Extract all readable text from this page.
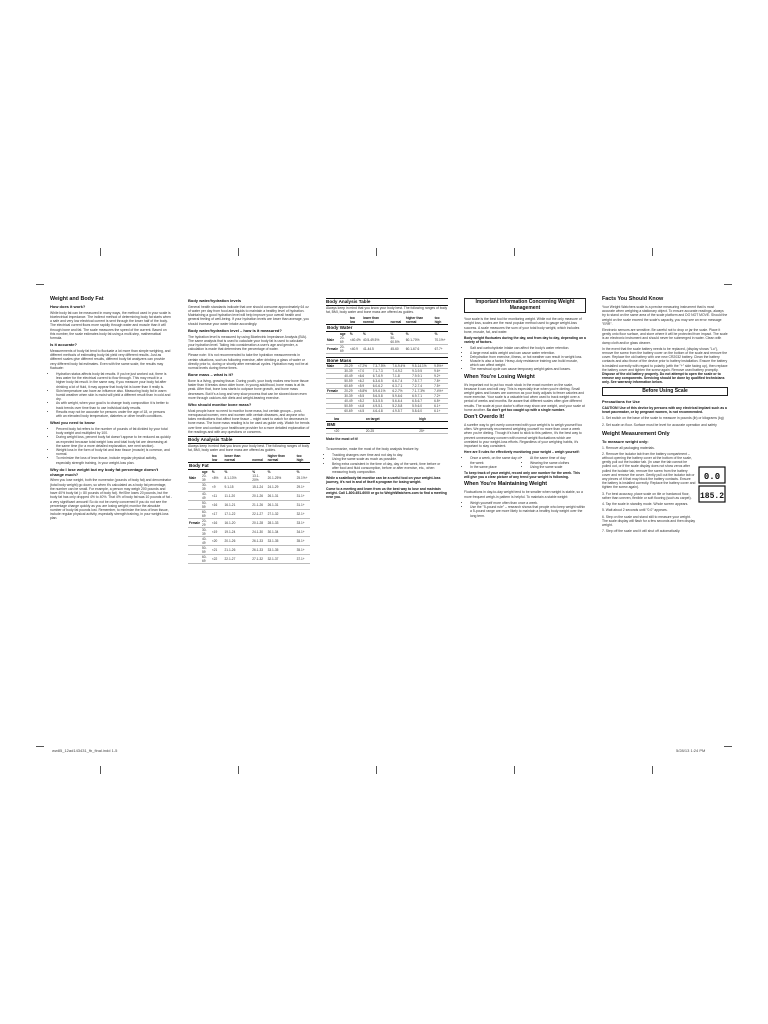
Weight and Body Fat
How does it work?

While body fat can be measured in many ways, the method used in your scale is bioelectrical impedance. The indirect method of determining body fat starts when a safe and very low electrical current is sent through the lower half of the body. The electrical current flows more rapidly through water and muscle than it will through bone and fat. The scale measures the speed of the current. Based on this number, the scale estimates body fat using a multi-step, mathematical formula.

Is it accurate?

Measurements of body fat tend to fluctuate a lot more than simple weighing, and different methods of estimating body fat yield very different results. Just as different scales give different results, different body fat analyzers can provide very different body fat estimates. Even with the same scale, the results may fluctuate:

• Hydration status affects body fat results. If you've just worked out, there is less water for the electrical current to flow through. This may result in a higher body fat result. In the same way, if you measure your body fat after drinking a lot of fluid, it may appear that body fat is lower than it really is.
• Skin temperature can have an influence also. Measuring body fat in warm humid weather when skin is moist will yield a different result than in cold and dry.
• As with weight, when your goal is to change body composition it is better to track trends over time than to use individual daily results.
• Results may not be accurate for persons under the age of 18, or persons with an elevated body temperature, diabetes or other health conditions.
What you need to know
• Percent body fat refers to the number of pounds of fat divided by your total body weight and multiplied by 100.
• During weight loss, percent body fat doesn't appear to be reduced as quickly as expected because total weight loss and total body fat are decreasing at the same time (for a more detailed explanation, see next section).
• Weight loss in the form of body fat and lean tissue (muscle) is common, and normal.
• To minimize the loss of lean tissue, include regular physical activity, especially strength training, in your weight-loss plan.
Why do I lose weight but my body fat percentage doesn't change much?

When you lose weight, both the numerator (pounds of body fat) and denominator (total body weight) go down, so when it's calculated as a body fat percentage, the number can be small. For example, a person may weigh 200 pounds and have 40% body fat (= 80 pounds of body fat). He/She loses 20 pounds, but the body fat has only dropped 4% to 40%. That 4% of body fat was 10 pounds of fat - a very significant amount! So do not be overly concerned if you do not see the percentage change quickly as you are losing weight; monitor the absolute number of body fat pounds lost. Remember, to minimize the loss of lean tissue, include regular physical activity, especially strength training, in your weight-loss plan.

Body water/hydration levels

General health standards indicate that one should consume approximately 64 oz of water per day from food and liquids to maintain a healthy level of hydration. Maintaining a good hydration level will help improve your overall health and general feeling of well-being. If your hydration levels are lower than average, you should increase your water intake accordingly.

Body water/hydration level – how is it measured?

The hydration level is measured by using Bioelectric Impedance Analysis (BIA). The same analysis that is used to calculate your body fat is used to calculate your hydration level. Taking into consideration a user's age and gender, a calculation is made that determines the percentage of water.

Please note: It is not recommended to take the hydration measurements in certain situations, such as following exercise, after drinking a glass of water or directly prior to, during or shortly after menstrual cycles. Hydration may not be at normal levels during these times.

Bone mass – what is it?

Bone is a living, growing tissue. During youth, your body makes new bone tissue faster than it breaks down older bone. In young adulthood, bone mass is at its peak. After that, bone loss starts to outpace bone growth, and bone mass decreases. But it's a long and very slow process that can be slowed down even more through calcium-rich diets and weight-bearing exercise.

Who should monitor bone mass?

Most people have no need to monitor bone mass, but certain groups – post-menopausal women, men and women with certain diseases, and anyone who takes medications that affect bone tissue – might want to watch for decreases in bone mass. The bone mass reading is to be used as guide only. Watch for trends over time and contact your healthcare provider for a more detailed explanation of the readings and with any questions or concerns.

Body Analysis Table

Always keep in mind that you know your body best. The following ranges of body fat, BMI, body water and bone mass are offered as guides.

		too low	lower than normal	normal	higher than normal	too high
Body Fat						
	age	%	%	%	%	%
Male	20-39	<8%	8.1-13%	13.1-20%	20.1-25%	25.1%+
	30-39	<9	9.1-15	15.1-24	24.1-29	29.1+
	40-49	<11	11.1-20	20.1-26	26.1-31	31.1+
	50-59	<16	16.1-21	21.1-26	26.1-31	31.1+
	60-69	<17	17.1-22	22.1-27	27.1-32	32.1+
Female	20-29	<16	16.1-20	20.1-28	28.1-33	33.1+
	30-39	<19	19.1-24	24.1-30	30.1-34	34.1+
	40-49	<20	20.1-26	26.1-33	33.1-35	35.1+
	50-59	<21	21.1-26	26.1-33	33.1-35	35.1+
	60-69	<22	22.1-27	27.1-32	32.1-37	37.1+
Body Analysis Table

Always keep in mind that you know your body best. The following ranges of body fat, BMI, body water and bone mass are offered as guides.

		too low	lower than normal	normal	higher than normal	too high
Body Water						
	age	%	%	%	%	%
Male	20-69	<40.4%	40.5-49.5%	50-60.5%	60.1-70%	70.1%+
Female	20-69	<40.9	41-44.5	45-60	60.1-67.6	67.7+
Bone Mass						
Male	20-29	<7.2%	7.3-7.5%	7.6-9.4%	9.5-14.1%	9.5%+
	30-39	<7.0	7.1-7.3	7.4-9.2	9.3-9.5	9.6+
	40-49	<6.6	6.7-6.9	7.1-8	7.9-9.1	9.2+
	50-59	<6.2	6.3-6.5	6.6-7.4	7.5-7.7	7.8+
	60-69	<5.9	6.0-6.2	6.3-7.1	7.2-7.4	7.5+
Female	20-29	<5.8%	5.9-6.1%	6.2-7%	7.1-7.3%	7.4%+
	30-39	<5.5	5.6-5.8	5.9-6.6	6.9-7.1	7.2+
	40-49	<5.2	5.3-5.5	5.6-6.4	6.5-6.7	6.8+
	50-59	<4.8	4.9-5.1	5.2-5.8	5.9-6.0	6.1+
	60-69	<4.5	4.6-4.8	4.9-5.7	5.8-6.0	6.1+
	low		on target	high
BMI				
	<20		20-25	25+

Make the most of it!

To summarize, make the most of the body analysis feature by:

• Tracking changes over time and not day to day.
• Using the same scale as much as possible.
• Being extra consistent in the time of day, day of the week, time before or after food and fluid consumption, before or after exercise, etc., when measuring body composition.

While a scale/body fat monitor can be a useful tool on your weight-loss journey, it's not in and of itself a program for losing weight.

Come to a meeting and learn from us the best way to lose and maintain weight. Call 1-800-651-6000 or go to WeightWatchers.com to find a meeting near you.

Important Information Concerning Weight Management

Your scale is the best tool for monitoring weight. While not the only measure of weight loss, scales are the most popular method used to gauge weight-loss success. A scale measures the sum of your total body weight, which includes bone, muscle, fat, and water.

Body weight fluctuates during the day, and from day to day, depending on a variety of factors.

• Salt and carbohydrate intake can affect the body's water retention.
• A large meal adds weight and can cause water retention.
• Dehydration from exercise, illness, or hot weather can result in weight loss.
• Muscle is also a factor. Heavy-duty resistance training can build muscle, which can affect weight.
• The menstrual cycle can cause temporary weight gains and losses.
When You're Losing Weight

It's important not to put too much stock in the exact number on the scale, because it can and will vary. This is especially true when you're dieting. Small weight gains and losses are common as your body adjusts to fewer calories and more exercise. Your scale is a valuable tool when used to track weight over a period of weeks and months. Be aware that different scales often give different results. The scale at your doctor's office may show one weight, and your scale at home another. So don't get too caught up with a single number.

Don't Overdo It!

A surefire way to get overly concerned with your weight is to weigh yourself too often. We generally recommend weighing yourself no more than once a week when you're dieting. Though it's hard to stick to this pattern, it's the best way to prevent unnecessary concern with normal weight fluctuations which are unrelated to your weight-loss efforts. Regardless of your weighing habits, it's important to stay consistent.

Here are 5 rules for effectively monitoring your weight – weigh yourself:

• Once a week, on the same day of the week
• In the same place
• At the same time of day
• Wearing the same clothes
• Using the same scale

To keep track of your weight, record only one number for the week. This will give you a clear picture of any trend your weight is following.

When You're Maintaining Weight

Fluctuations in day-to-day weight tend to be smaller when weight is stable, so a more frequent weigh-in pattern is helpful. To maintain a stable weight:

• Weigh yourself more often than once a week.
• Use the "5-pound rule" – research shows that people who keep weight within a 5-pound range are more likely to maintain a healthy body weight over the long term.
Facts You Should Know

Your Weight Watchers scale is a precise measuring instrument that is most accurate when weighing a stationary object. To ensure accurate readings, always try to stand on the same area of the scale platform and DO NOT MOVE. Should the weight on the scale exceed the scale's capacity, you may see an error message "ERR".

Electronic sensors are sensitive. Be careful not to drop or jar the scale. Place it gently onto floor surface, and store where it will be protected from impact. The scale is an electronic instrument and should never be submerged in water. Clean with damp cloth and/or glass cleaner.

In the event that the scale battery needs to be replaced, (display shows "Lo"), remove the screw from the battery cover on the bottom of the scale and remove the cover. Replace the old battery with one new CR2032 battery. Clean the battery contacts and also those of the device prior to battery installation. Ensure the battery is installed correctly with regard to polarity (with the "+" side facing up), then replace the battery cover and tighten the screw again. Remove used battery promptly. Dispose of the old battery properly. Do not attempt to open the scale or to remove any components. Servicing should be done by qualified technicians only. See warranty information below.

Before Using Scale
Precautions for Use

CAUTION! Use of this device by persons with any electrical implant such as a heart pacemaker, or by pregnant women, is not recommended.

1. Set switch on the base of the scale to measure in pounds (lb) or kilograms (kg)

2. Set scale on floor. Surface must be level for accurate operation and safety

Weight Measurement Only
To measure weight only:

1. Remove all packaging materials.

2. Remove the isolator tab from the battery compartment – without opening the battery cover at the bottom of the scale, gently pull out the isolator tab. (In case the tab cannot be pulled out, or if the scale display does not show zeros after pulled the isolator tab, remove the screw from the battery cover and remove the cover. Gently pull out the isolator tab or any pieces of it that may block the battery contacts. Ensure the battery is installed correctly. Replace the battery cover and tighten the screw again).

3. For best accuracy, place scale on tile or hardwood floor, rather than uneven, flexible or soft flooring (such as carpet).

4. Tap the scale in standby mode. Whole screen appears.

5. Wait about 2 seconds until "0.0" appears.

6. Step on the scale and stand still to measure your weight. The scale display will flash for a few seconds and then display weight.

7. Step off the scale and it will shut off automatically.

0.0
185.2
ww85_12ad143431_fb_final.indd 1-5	5/28/13 1:24 PM
